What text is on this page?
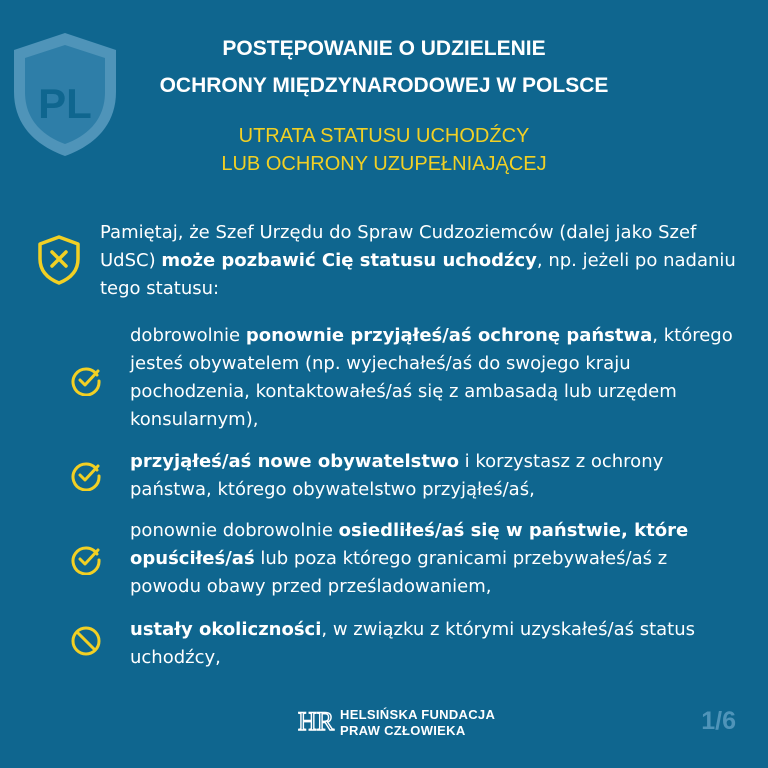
PL
POSTĘPOWANIE O UDZIELENIE
OCHRONY MIĘDZYNARODOWEJ W POLSCE
UTRATA STATUSU UCHODŹCY
LUB OCHRONY UZUPEŁNIAJĄCEJ
Pamiętaj, że Szef Urzędu do Spraw Cudzoziemców (dalej jako Szef UdSC) może pozbawić Cię statusu uchodźcy, np. jeżeli po nadaniu tego statusu:
dobrowolnie ponownie przyjąłeś/aś ochronę państwa, którego jesteś obywatelem (np. wyjechałeś/aś do swojego kraju pochodzenia, kontaktowałeś/aś się z ambasadą lub urzędem konsularnym),
przyjąłeś/aś nowe obywatelstwo i korzystasz z ochrony państwa, którego obywatelstwo przyjąłeś/aś,
ponownie dobrowolnie osiedliłeś/aś się w państwie, które opuściłeś/aś lub poza którego granicami przebywałeś/aś z powodu obawy przed prześladowaniem,
ustały okoliczności, w związku z którymi uzyskałeś/aś status uchodźcy,
HR HELSIŃSKA FUNDACJA
PRAW CZŁOWIEKA	1/6
